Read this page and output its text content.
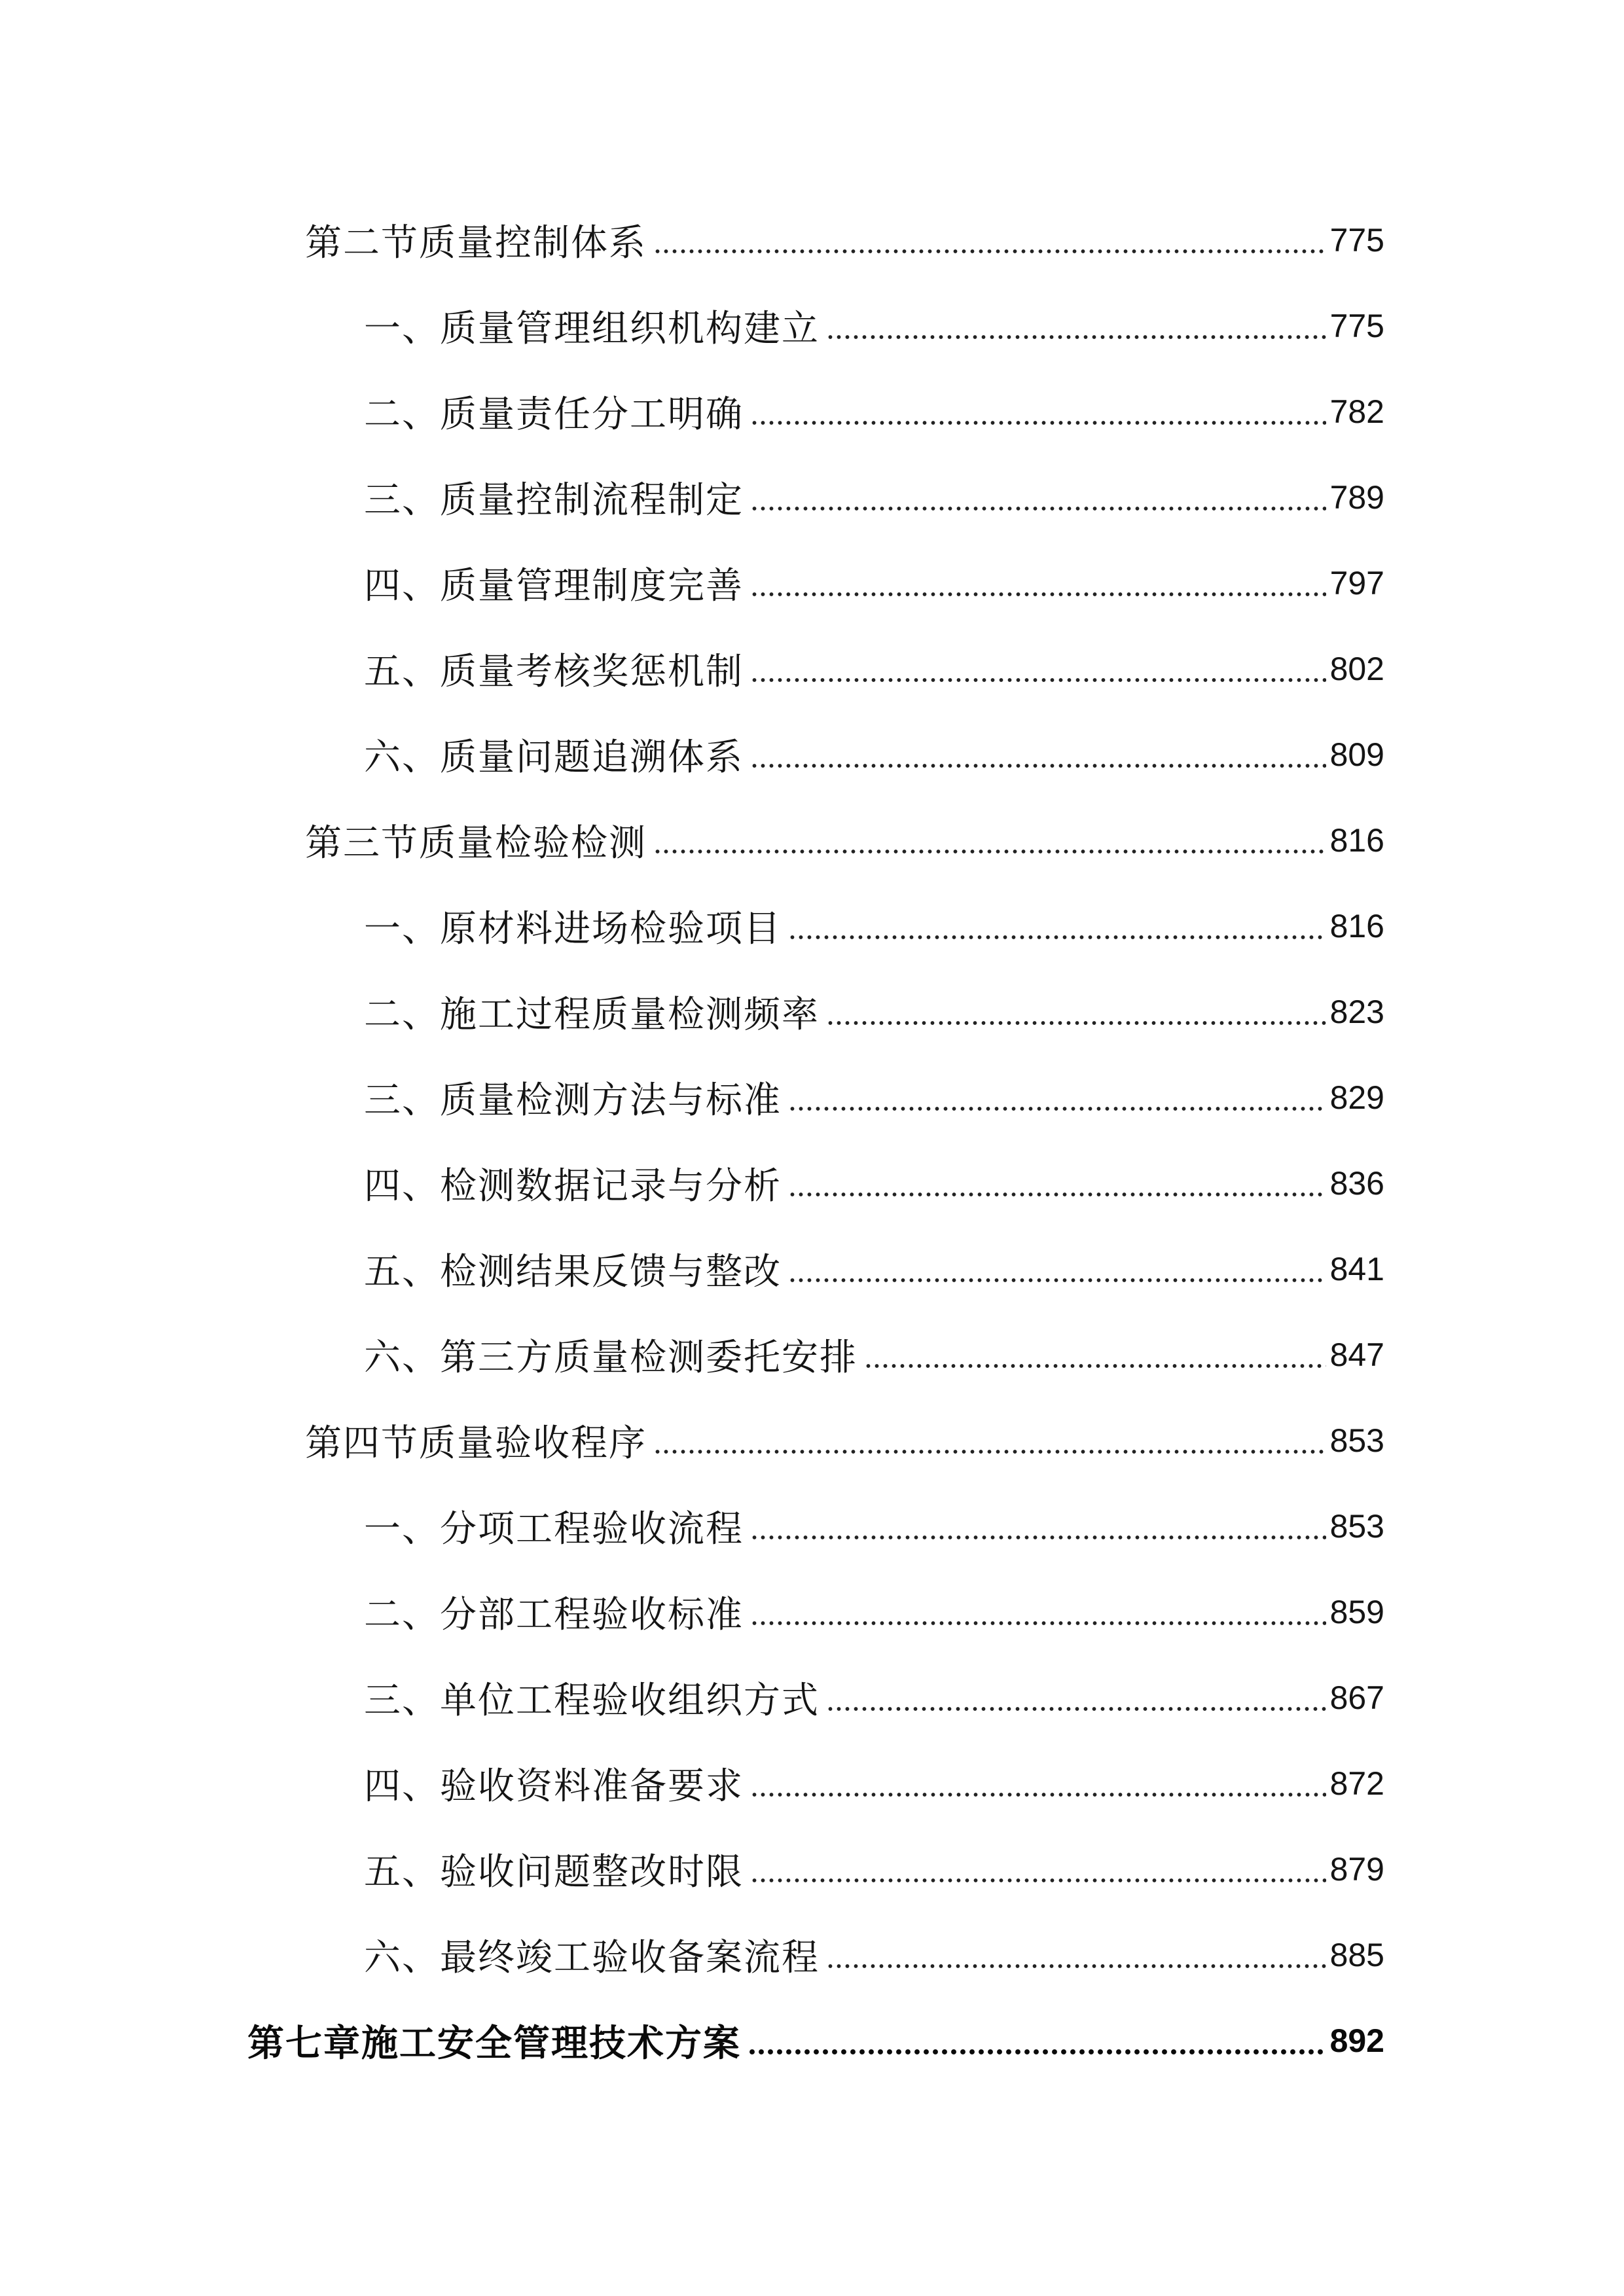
第二节质量控制体系	775
一、质量管理组织机构建立	775
二、质量责任分工明确	782
三、质量控制流程制定	789
四、质量管理制度完善	797
五、质量考核奖惩机制	802
六、质量问题追溯体系	809
第三节质量检验检测	816
一、原材料进场检验项目	816
二、施工过程质量检测频率	823
三、质量检测方法与标准	829
四、检测数据记录与分析	836
五、检测结果反馈与整改	841
六、第三方质量检测委托安排	847
第四节质量验收程序	853
一、分项工程验收流程	853
二、分部工程验收标准	859
三、单位工程验收组织方式	867
四、验收资料准备要求	872
五、验收问题整改时限	879
六、最终竣工验收备案流程	885
第七章施工安全管理技术方案	892
